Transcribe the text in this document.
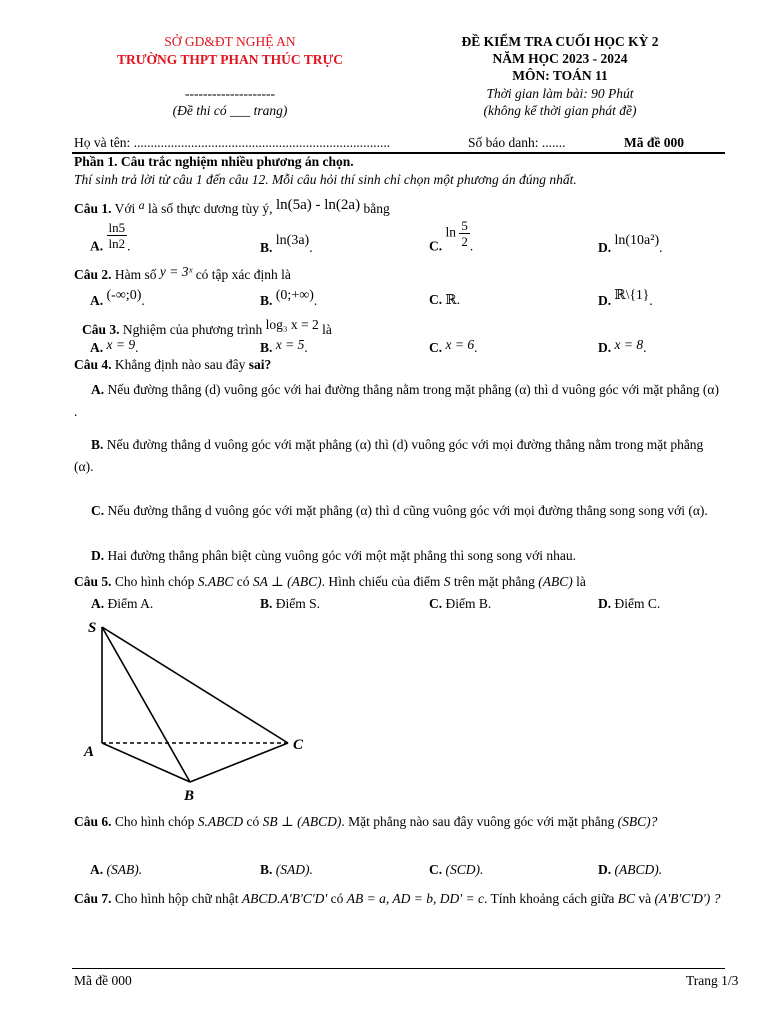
SỞ GD&ĐT NGHỆ AN
TRƯỜNG THPT PHAN THÚC TRỰC
--------------------
(Đề thi có ___ trang)
ĐỀ KIỂM TRA CUỐI HỌC KỲ 2
NĂM HỌC 2023 - 2024
MÔN: TOÁN 11
Thời gian làm bài: 90 Phút
(không kể thời gian phát đề)
Họ và tên: ............................................................................	Số báo danh: .......	Mã đề 000
Phần 1. Câu trắc nghiệm nhiều phương án chọn.
Thí sinh trả lời từ câu 1 đến câu 12. Mỗi câu hỏi thí sinh chỉ chọn một phương án đúng nhất.
Câu 1. Với a là số thực dương tùy ý, ln(5a) - ln(2a) bằng
A. $\frac{\ln 5}{\ln 2}$ .	B. ln(3a).	C. $\ln \frac{5}{2}$ .	D. ln(10a²).
Câu 2. Hàm số y = 3ˣ có tập xác định là
A. (-∞;0).	B. (0;+∞).	C. ℝ.	D. ℝ\{1}.
Câu 3. Nghiệm của phương trình log₃ x = 2 là
A. x = 9.	B. x = 5.	C. x = 6.	D. x = 8.
Câu 4. Khẳng định nào sau đây sai?
A. Nếu đường thẳng (d) vuông góc với hai đường thẳng nằm trong mặt phẳng (α) thì d vuông góc với mặt phẳng (α) .
B. Nếu đường thẳng d vuông góc với mặt phẳng (α) thì (d) vuông góc với mọi đường thẳng nằm trong mặt phẳng (α).
C. Nếu đường thẳng d vuông góc với mặt phẳng (α) thì d cũng vuông góc với mọi đường thẳng song song với (α).
D. Hai đường thẳng phân biệt cùng vuông góc với một mặt phẳng thì song song với nhau.
Câu 5. Cho hình chóp S.ABC có SA ⊥ (ABC). Hình chiếu của điểm S trên mặt phẳng (ABC) là
A. Điểm A.	B. Điểm S.	C. Điểm B.	D. Điểm C.
S
A
B
C
Câu 6. Cho hình chóp S.ABCD có SB ⊥ (ABCD). Mặt phẳng nào sau đây vuông góc với mặt phẳng (SBC)?
A. (SAB).	B. (SAD).	C. (SCD).	D. (ABCD).
Câu 7. Cho hình hộp chữ nhật ABCD.A'B'C'D' có AB = a, AD = b, DD' = c. Tính khoảng cách giữa BC và (A'B'C'D') ?
Mã đề 000	Trang 1/3
